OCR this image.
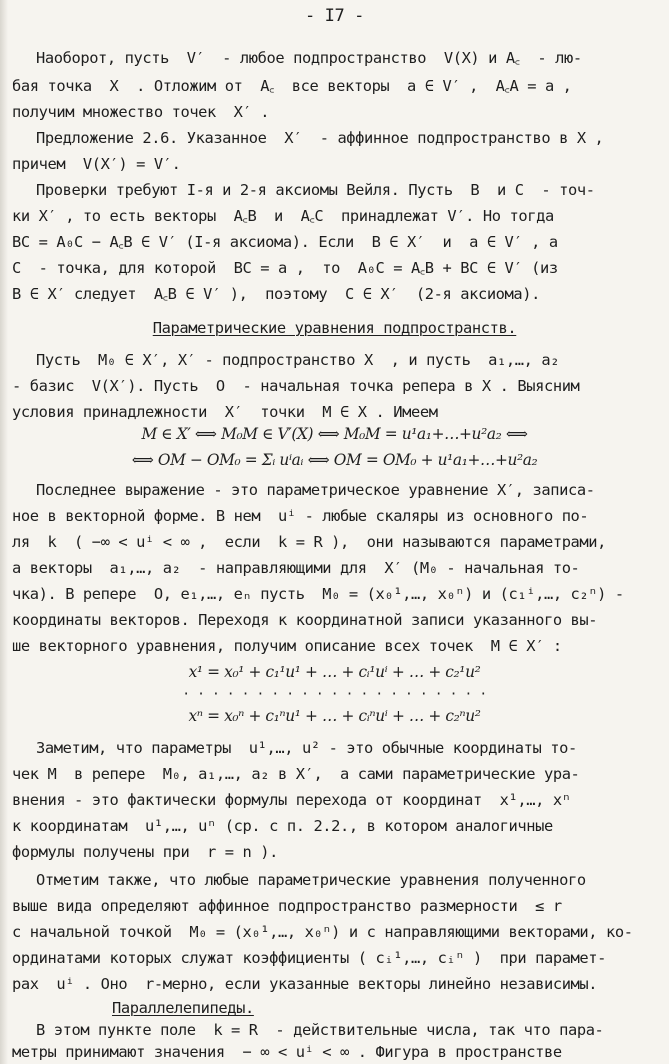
- I7 -
Наоборот, пусть  V′  - любое подпространство  V(X) и A꜀  - лю-
бая точка  X  . Отложим от  A꜀  все векторы  a ∈ V′ ,  A꜀A = a ,
получим множество точек  X′ .
Предложение 2.6. Указанное  X′  - аффинное подпространство в X ,
причем  V(X′) = V′.
Проверки требуют I-я и 2-я аксиомы Вейля. Пусть  B  и C  - точ-
ки X′ , то есть векторы  A꜀B  и  A꜀C  принадлежат V′. Но тогда
BC = A₀C − A꜀B ∈ V′ (I-я аксиома). Если  B ∈ X′  и  a ∈ V′ , а
C  - точка, для которой  BC = a ,  то  A₀C = A꜀B + BC ∈ V′ (из
B ∈ X′ следует  A꜀B ∈ V′ ),  поэтому  C ∈ X′  (2-я аксиома).
Параметрические уравнения подпространств.
Пусть  M₀ ∈ X′, X′ - подпространство X  , и пусть  a₁,…, a₂
- базис  V(X′). Пусть  O  - начальная точка репера в X . Выясним
условия принадлежности  X′  точки  M ∈ X . Имеем
M ∈ X′ ⟺ M₀M ∈ V′(X) ⟺ M₀M = u¹a₁+…+u²a₂ ⟺
⟺ OM − OM₀ = Σᵢ uⁱaᵢ ⟺ OM = OM₀ + u¹a₁+…+u²a₂
Последнее выражение - это параметрическое уравнение X′, записа-
ное в векторной форме. В нем  uⁱ - любые скаляры из основного по-
ля  k  ( −∞ < uⁱ < ∞ ,  если  k = R ),  они называются параметрами,
а векторы  a₁,…, a₂  - направляющими для  X′ (M₀ - начальная то-
чка). В репере  O, e₁,…, eₙ пусть  M₀ = (x₀¹,…, x₀ⁿ) и (c₁ⁱ,…, c₂ⁿ) -
координаты векторов. Переходя к координатной записи указанного вы-
ше векторного уравнения, получим описание всех точек  M ∈ X′ :
x¹ = x₀¹ + c₁¹u¹ + … + cᵢ¹uⁱ + … + c₂¹u²
· · · · · · · · · · · · · · · · · · · · ·
xⁿ = x₀ⁿ + c₁ⁿu¹ + … + cᵢⁿuⁱ + … + c₂ⁿu²
Заметим, что параметры  u¹,…, u² - это обычные координаты то-
чек M  в репере  M₀, a₁,…, a₂ в X′,  а сами параметрические ура-
внения - это фактически формулы перехода от координат  x¹,…, xⁿ
к координатам  u¹,…, uⁿ (ср. с п. 2.2., в котором аналогичные
формулы получены при  r = n ).
Отметим также, что любые параметрические уравнения полученного
выше вида определяют аффинное подпространство размерности  ≤ r
с начальной точкой  M₀ = (x₀¹,…, x₀ⁿ) и с направляющими векторами, ко-
ординатами которых служат коэффициенты ( cᵢ¹,…, cᵢⁿ )  при парамет-
рах  uⁱ . Оно  r-мерно, если указанные векторы линейно независимы.
Параллелепипеды.
В этом пункте поле  k = R  - действительные числа, так что пара-
метры принимают значения  − ∞ < uⁱ < ∞ . Фигура в пространстве
